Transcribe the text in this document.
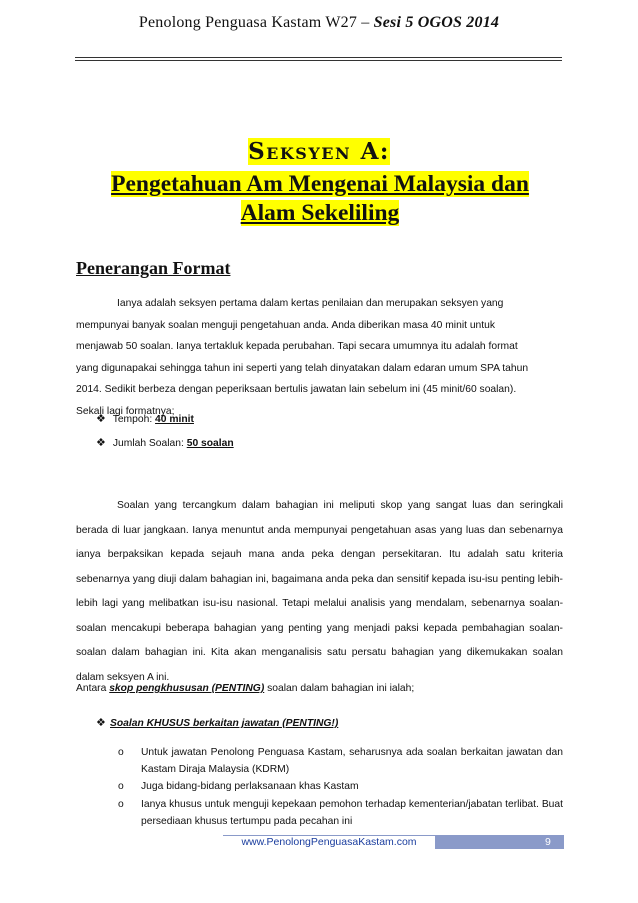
Penolong Penguasa Kastam W27 – Sesi 5 OGOS 2014
Seksyen A:
Pengetahuan Am Mengenai Malaysia dan
Alam Sekeliling
Penerangan Format
Ianya adalah seksyen pertama dalam kertas penilaian dan merupakan seksyen yang
mempunyai banyak soalan menguji pengetahuan anda. Anda diberikan masa 40 minit untuk
menjawab 50 soalan. Ianya tertakluk kepada perubahan. Tapi secara umumnya itu adalah format
yang digunapakai sehingga tahun ini seperti yang telah dinyatakan dalam edaran umum SPA tahun
2014. Sedikit berbeza dengan peperiksaan bertulis jawatan lain sebelum ini (45 minit/60 soalan).
Sekali lagi formatnya;
❖ Tempoh: 40 minit
❖ Jumlah Soalan: 50 soalan
Soalan yang tercangkum dalam bahagian ini meliputi skop yang sangat luas dan seringkali berada di luar jangkaan. Ianya menuntut anda mempunyai pengetahuan asas yang luas dan sebenarnya ianya berpaksikan kepada sejauh mana anda peka dengan persekitaran. Itu adalah satu kriteria sebenarnya yang diuji dalam bahagian ini, bagaimana anda peka dan sensitif kepada isu-isu penting lebih-lebih lagi yang melibatkan isu-isu nasional. Tetapi melalui analisis yang mendalam, sebenarnya soalan-soalan mencakupi beberapa bahagian yang penting yang menjadi paksi kepada pembahagian soalan-soalan dalam bahagian ini. Kita akan menganalisis satu persatu bahagian yang dikemukakan soalan dalam seksyen A ini.
Antara skop pengkhususan (PENTING) soalan dalam bahagian ini ialah;
❖ Soalan KHUSUS berkaitan jawatan (PENTING!)
o Untuk jawatan Penolong Penguasa Kastam, seharusnya ada soalan berkaitan jawatan dan Kastam Diraja Malaysia (KDRM)
o Juga bidang-bidang perlaksanaan khas Kastam
o Ianya khusus untuk menguji kepekaan pemohon terhadap kementerian/jabatan terlibat. Buat persediaan khusus tertumpu pada pecahan ini
www.PenolongPenguasaKastam.com	9
